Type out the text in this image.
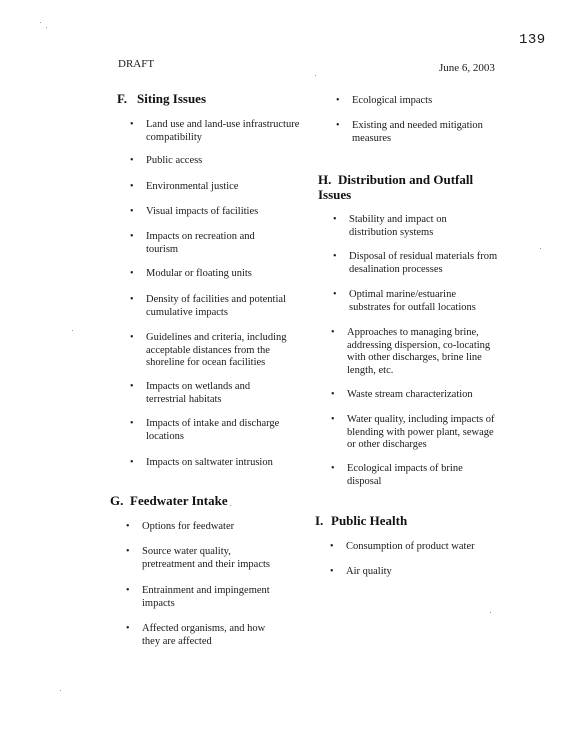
139
DRAFT	June 6, 2003
F. Siting Issues
• Land use and land-use infrastructure compatibility
• Public access
• Environmental justice
• Visual impacts of facilities
• Impacts on recreation and tourism
• Modular or floating units
• Density of facilities and potential cumulative impacts
• Guidelines and criteria, including acceptable distances from the shoreline for ocean facilities
• Impacts on wetlands and terrestrial habitats
• Impacts of intake and discharge locations
• Impacts on saltwater intrusion
G. Feedwater Intake
• Options for feedwater
• Source water quality, pretreatment and their impacts
• Entrainment and impingement impacts
• Affected organisms, and how they are affected
• Ecological impacts
• Existing and needed mitigation measures
H. Distribution and Outfall Issues
• Stability and impact on distribution systems
• Disposal of residual materials from desalination processes
• Optimal marine/estuarine substrates for outfall locations
• Approaches to managing brine, addressing dispersion, co-locating with other discharges, brine line length, etc.
• Waste stream characterization
• Water quality, including impacts of blending with power plant, sewage or other discharges
• Ecological impacts of brine disposal
I. Public Health
• Consumption of product water
• Air quality
